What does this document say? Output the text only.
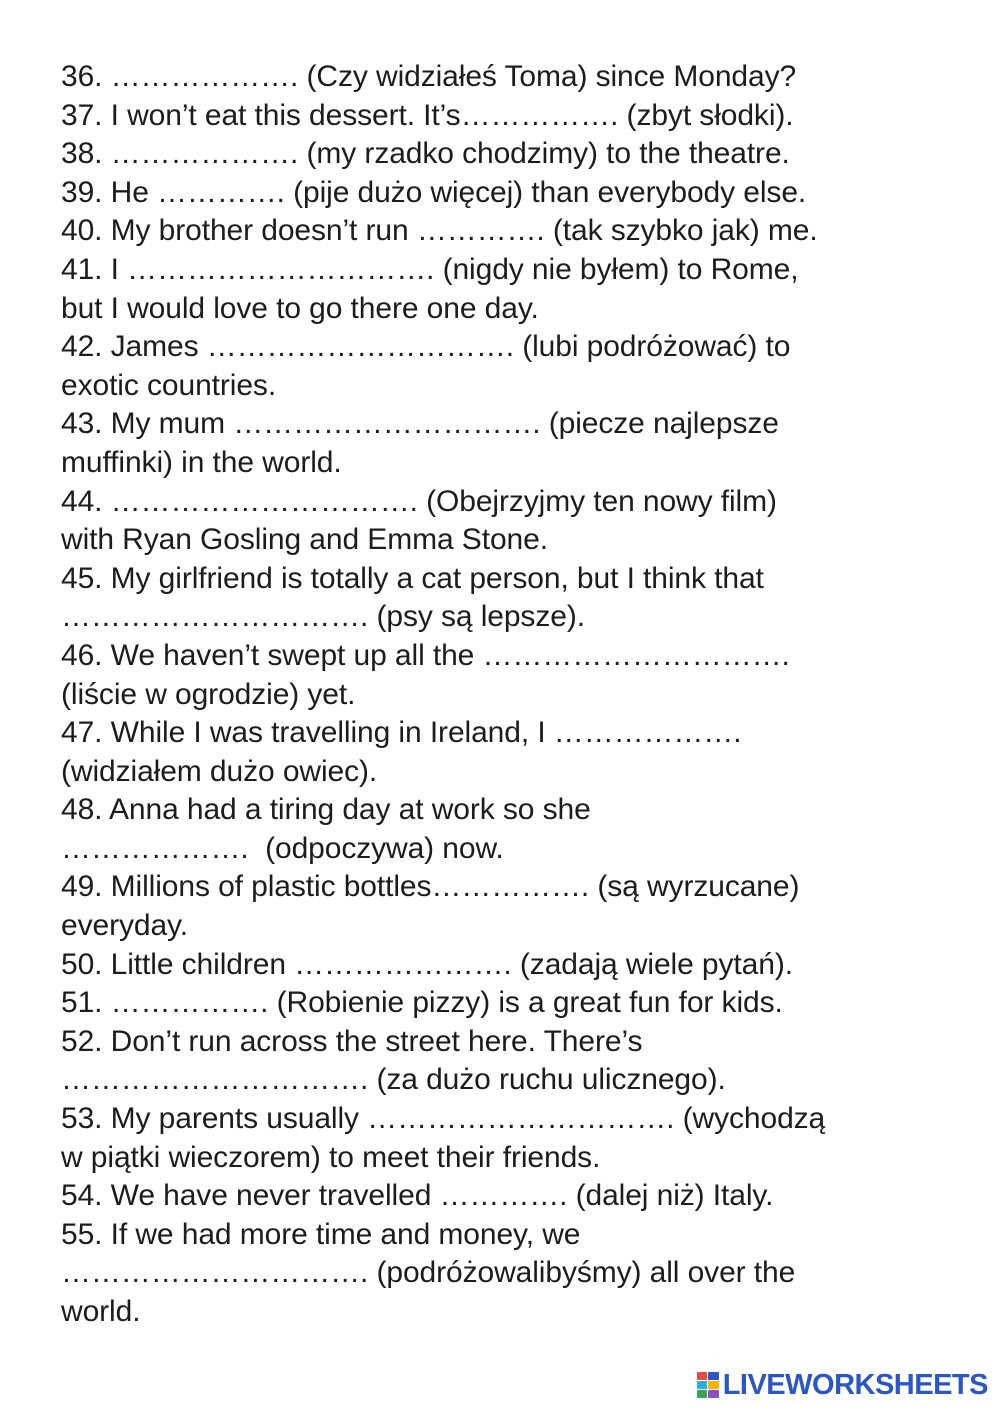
36. ………………. (Czy widziałeś Toma) since Monday?
37. I won’t eat this dessert. It’s……………. (zbyt słodki).
38. ………………. (my rzadko chodzimy) to the theatre.
39. He …………. (pije dużo więcej) than everybody else.
40. My brother doesn’t run …………. (tak szybko jak) me.
41. I …………………………. (nigdy nie byłem) to Rome,
but I would love to go there one day.
42. James …………………………. (lubi podróżować) to
exotic countries.
43. My mum …………………………. (piecze najlepsze
muffinki) in the world.
44. …………………………. (Obejrzyjmy ten nowy film)
with Ryan Gosling and Emma Stone.
45. My girlfriend is totally a cat person, but I think that
…………………………. (psy są lepsze).
46. We haven’t swept up all the ………………………….
(liście w ogrodzie) yet.
47. While I was travelling in Ireland, I ……………….
(widziałem dużo owiec).
48. Anna had a tiring day at work so she
……………….  (odpoczywa) now.
49. Millions of plastic bottles……………. (są wyrzucane)
everyday.
50. Little children …………………. (zadają wiele pytań).
51. ……………. (Robienie pizzy) is a great fun for kids.
52. Don’t run across the street here. There’s
…………………………. (za dużo ruchu ulicznego).
53. My parents usually …………………………. (wychodzą
w piątki wieczorem) to meet their friends.
54. We have never travelled …………. (dalej niż) Italy.
55. If we had more time and money, we
…………………………. (podróżowalibyśmy) all over the
world.
LIVEWORKSHEETS
